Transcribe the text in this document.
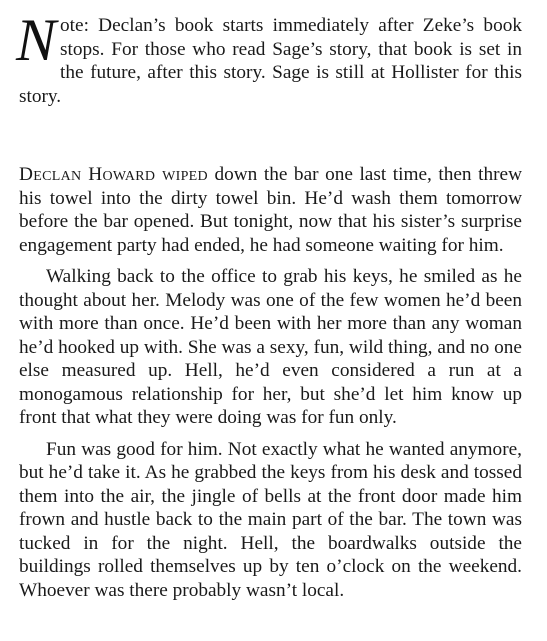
Note: Declan’s book starts immediately after Zeke’s book stops. For those who read Sage’s story, that book is set in the future, after this story. Sage is still at Hollister for this story.

Declan Howard wiped down the bar one last time, then threw his towel into the dirty towel bin. He’d wash them tomorrow before the bar opened. But tonight, now that his sister’s surprise engagement party had ended, he had someone waiting for him.

Walking back to the office to grab his keys, he smiled as he thought about her. Melody was one of the few women he’d been with more than once. He’d been with her more than any woman he’d hooked up with. She was a sexy, fun, wild thing, and no one else measured up. Hell, he’d even considered a run at a monogamous relationship for her, but she’d let him know up front that what they were doing was for fun only.

Fun was good for him. Not exactly what he wanted anymore, but he’d take it. As he grabbed the keys from his desk and tossed them into the air, the jingle of bells at the front door made him frown and hustle back to the main part of the bar. The town was tucked in for the night. Hell, the boardwalks outside the buildings rolled themselves up by ten o’clock on the weekend. Whoever was there probably wasn’t local.
